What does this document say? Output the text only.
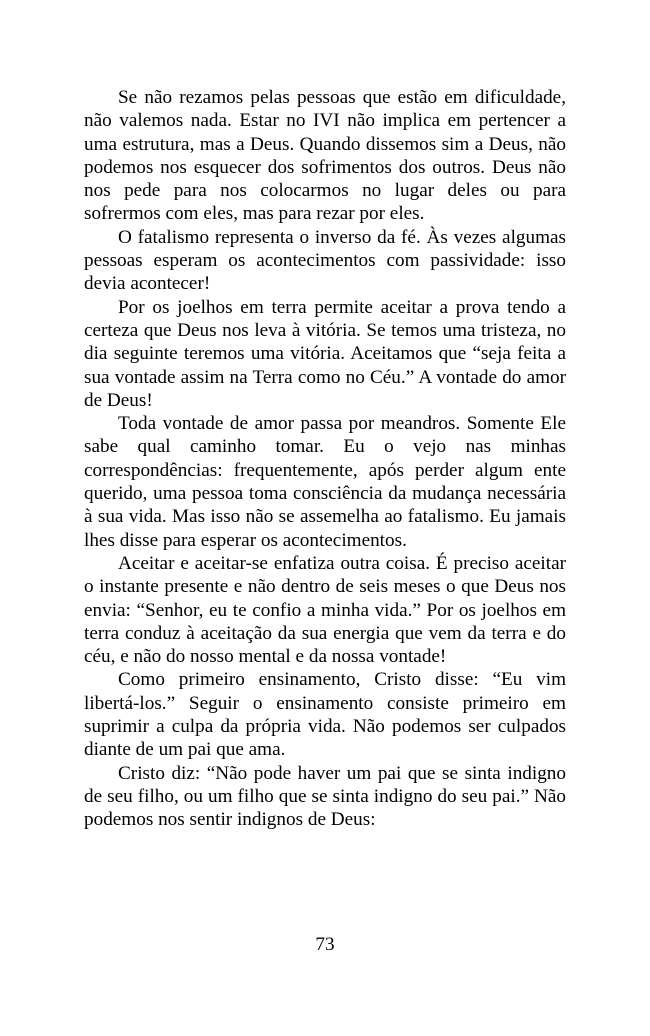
Se não rezamos pelas pessoas que estão em dificuldade, não valemos nada. Estar no IVI não implica em pertencer a uma estrutura, mas a Deus. Quando dissemos sim a Deus, não podemos nos esquecer dos sofrimentos dos outros. Deus não nos pede para nos colocarmos no lugar deles ou para sofrermos com eles, mas para rezar por eles.

O fatalismo representa o inverso da fé. Às vezes algumas pessoas esperam os acontecimentos com passividade: isso devia acontecer!

Por os joelhos em terra permite aceitar a prova tendo a certeza que Deus nos leva à vitória. Se temos uma tristeza, no dia seguinte teremos uma vitória. Aceitamos que “seja feita a sua vontade assim na Terra como no Céu.” A vontade do amor de Deus!

Toda vontade de amor passa por meandros. Somente Ele sabe qual caminho tomar. Eu o vejo nas minhas correspondências: frequentemente, após perder algum ente querido, uma pessoa toma consciência da mudança necessária à sua vida. Mas isso não se assemelha ao fatalismo. Eu jamais lhes disse para esperar os acontecimentos.

Aceitar e aceitar-se enfatiza outra coisa. É preciso aceitar o instante presente e não dentro de seis meses o que Deus nos envia: “Senhor, eu te confio a minha vida.” Por os joelhos em terra conduz à aceitação da sua energia que vem da terra e do céu, e não do nosso mental e da nossa vontade!

Como primeiro ensinamento, Cristo disse: “Eu vim libertá-los.” Seguir o ensinamento consiste primeiro em suprimir a culpa da própria vida. Não podemos ser culpados diante de um pai que ama.

Cristo diz: “Não pode haver um pai que se sinta indigno de seu filho, ou um filho que se sinta indigno do seu pai.” Não podemos nos sentir indignos de Deus:

73
